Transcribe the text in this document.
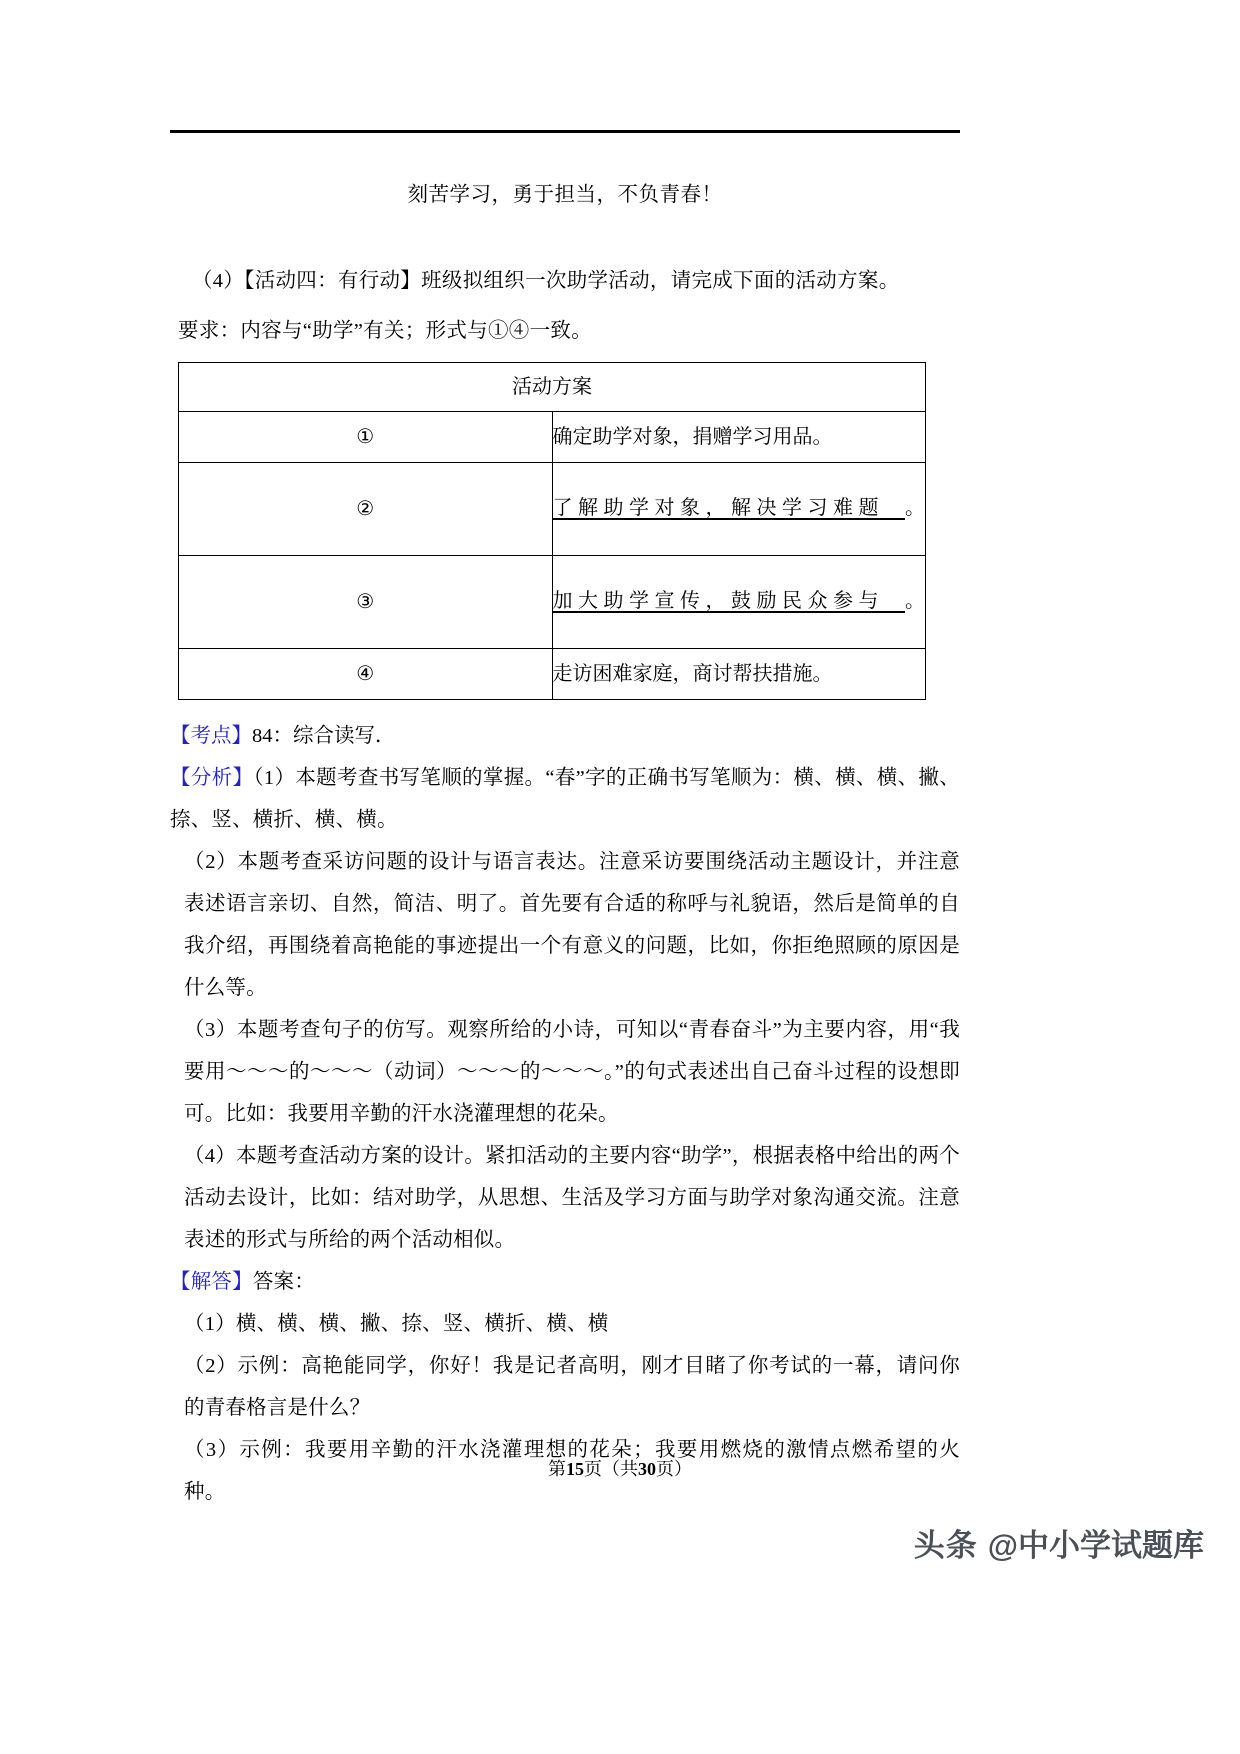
刻苦学习，勇于担当，不负青春！
（4）【活动四：有行动】班级拟组织一次助学活动，请完成下面的活动方案。
要求：内容与“助学”有关；形式与①④一致。
活动方案	
①	确定助学对象，捐赠学习用品。

②	了解助学对象，解决学习难题 。

③	加大助学宣传，鼓励民众参与 。

④	走访困难家庭，商讨帮扶措施。
【考点】84：综合读写．

【分析】（1）本题考查书写笔顺的掌握。“春”字的正确书写笔顺为：横、横、横、撇、捺、竖、横折、横、横。

（2）本题考查采访问题的设计与语言表达。注意采访要围绕活动主题设计，并注意表述语言亲切、自然，简洁、明了。首先要有合适的称呼与礼貌语，然后是简单的自我介绍，再围绕着高艳能的事迹提出一个有意义的问题，比如，你拒绝照顾的原因是什么等。

（3）本题考查句子的仿写。观察所给的小诗，可知以“青春奋斗”为主要内容，用“我要用～～～的～～～（动词）～～～的～～～。”的句式表述出自己奋斗过程的设想即可。比如：我要用辛勤的汗水浇灌理想的花朵。

（4）本题考查活动方案的设计。紧扣活动的主要内容“助学”，根据表格中给出的两个活动去设计，比如：结对助学，从思想、生活及学习方面与助学对象沟通交流。注意表述的形式与所给的两个活动相似。

【解答】答案：

（1）横、横、横、撇、捺、竖、横折、横、横

（2）示例：高艳能同学，你好！我是记者高明，刚才目睹了你考试的一幕，请问你的青春格言是什么？

（3）示例：我要用辛勤的汗水浇灌理想的花朵；我要用燃烧的激情点燃希望的火种。

第15页（共30页）
头条 @中小学试题库
